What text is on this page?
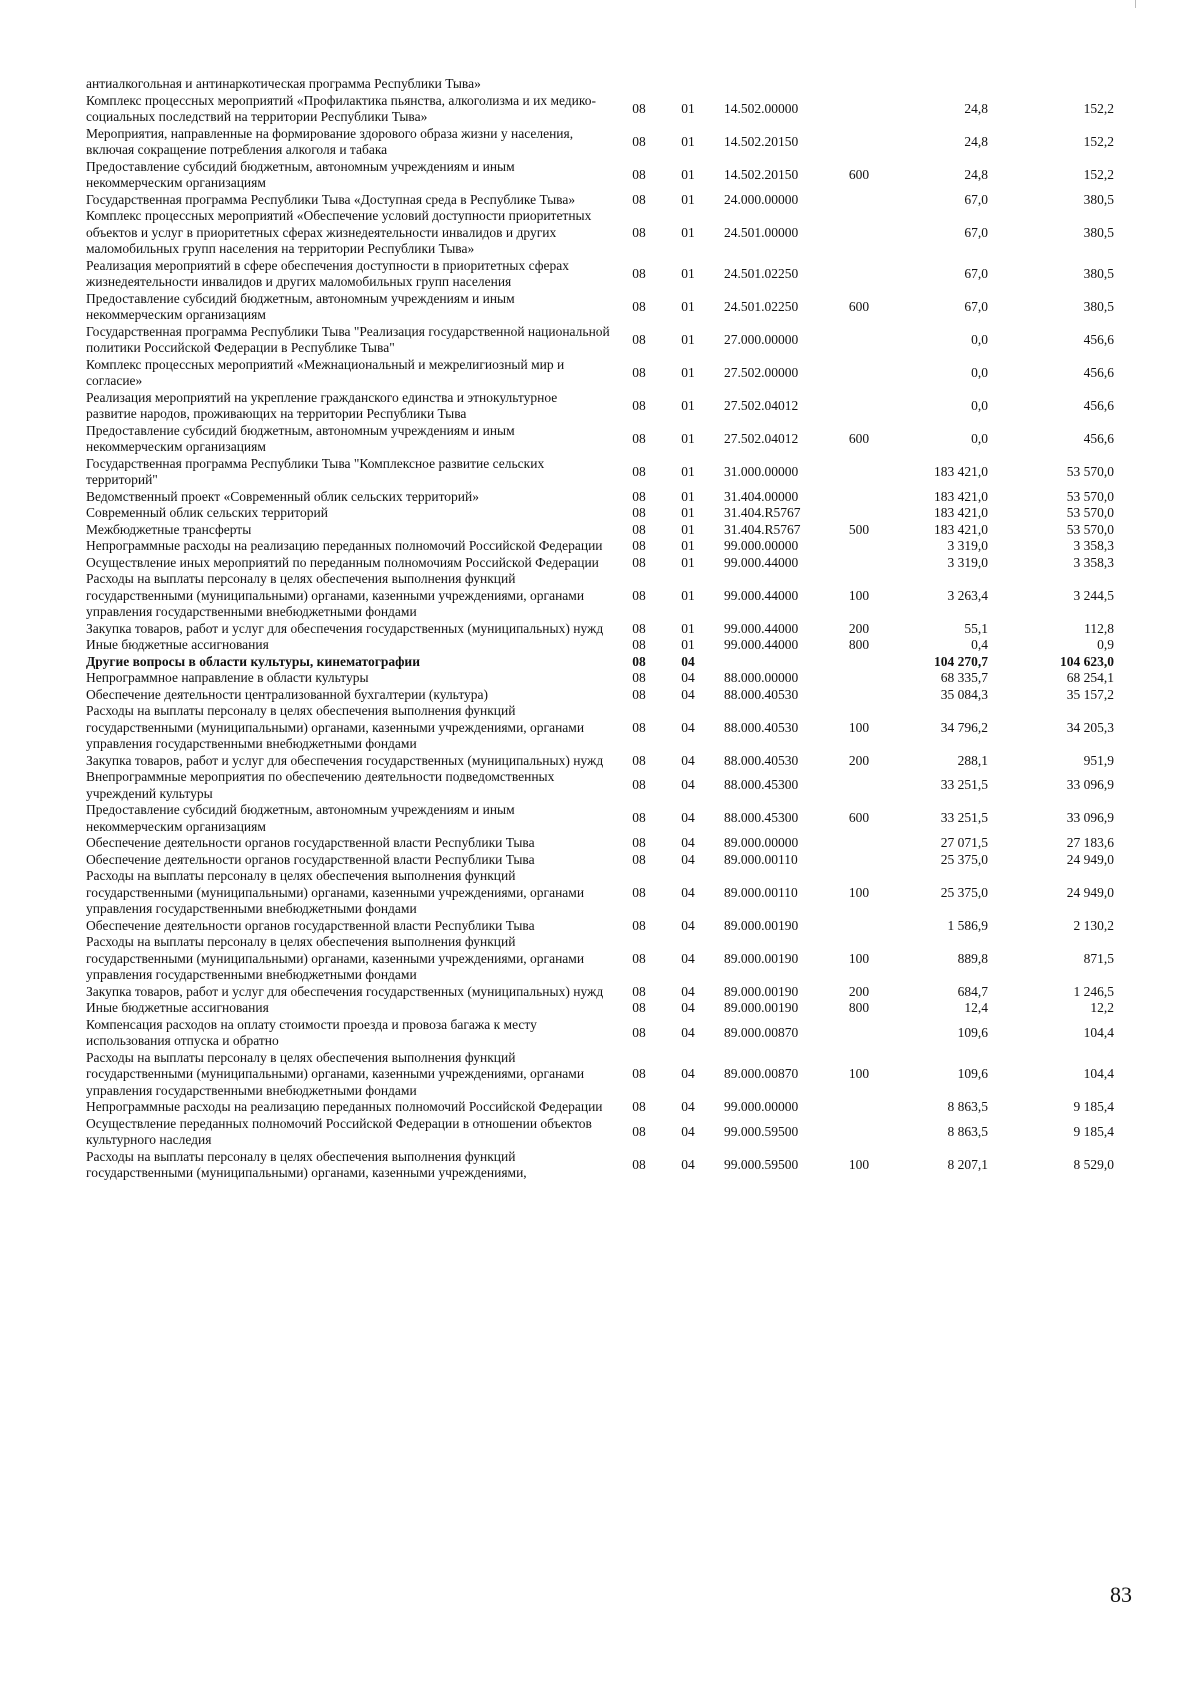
антиалкогольная и антинаркотическая программа Республики Тыва»						
Комплекс процессных мероприятий «Профилактика пьянства, алкоголизма и их медико-социальных последствий на территории Республики Тыва»	08	01	14.502.00000		24,8	152,2
Мероприятия, направленные на формирование здорового образа жизни у населения, включая сокращение потребления алкоголя и табака	08	01	14.502.20150		24,8	152,2
Предоставление субсидий бюджетным, автономным учреждениям и иным некоммерческим организациям	08	01	14.502.20150	600	24,8	152,2
Государственная программа Республики Тыва «Доступная среда в Республике Тыва»	08	01	24.000.00000		67,0	380,5
Комплекс процессных мероприятий «Обеспечение условий доступности приоритетных объектов и услуг в приоритетных сферах жизнедеятельности инвалидов и других маломобильных групп населения на территории Республики Тыва»	08	01	24.501.00000		67,0	380,5
Реализация мероприятий в сфере обеспечения доступности в приоритетных сферах жизнедеятельности инвалидов и других маломобильных групп населения	08	01	24.501.02250		67,0	380,5
Предоставление субсидий бюджетным, автономным учреждениям и иным некоммерческим организациям	08	01	24.501.02250	600	67,0	380,5
Государственная программа Республики Тыва "Реализация государственной национальной политики Российской Федерации в Республике Тыва"	08	01	27.000.00000		0,0	456,6
Комплекс процессных мероприятий «Межнациональный и межрелигиозный мир и согласие»	08	01	27.502.00000		0,0	456,6
Реализация мероприятий на укрепление гражданского единства и этнокультурное развитие народов, проживающих на территории Республики Тыва	08	01	27.502.04012		0,0	456,6
Предоставление субсидий бюджетным, автономным учреждениям и иным некоммерческим организациям	08	01	27.502.04012	600	0,0	456,6
Государственная программа Республики Тыва "Комплексное развитие сельских территорий"	08	01	31.000.00000		183 421,0	53 570,0
Ведомственный проект «Современный облик сельских территорий»	08	01	31.404.00000		183 421,0	53 570,0
Современный облик сельских территорий	08	01	31.404.R5767		183 421,0	53 570,0
Межбюджетные трансферты	08	01	31.404.R5767	500	183 421,0	53 570,0
Непрограммные расходы на реализацию переданных полномочий Российской Федерации	08	01	99.000.00000		3 319,0	3 358,3
Осуществление иных мероприятий по переданным полномочиям Российской Федерации	08	01	99.000.44000		3 319,0	3 358,3
Расходы на выплаты персоналу в целях обеспечения выполнения функций государственными (муниципальными) органами, казенными учреждениями, органами управления государственными внебюджетными фондами	08	01	99.000.44000	100	3 263,4	3 244,5
Закупка товаров, работ и услуг для обеспечения государственных (муниципальных) нужд	08	01	99.000.44000	200	55,1	112,8
Иные бюджетные ассигнования	08	01	99.000.44000	800	0,4	0,9
Другие вопросы в области культуры, кинематографии	08	04			104 270,7	104 623,0
Непрограммное направление в области культуры	08	04	88.000.00000		68 335,7	68 254,1
Обеспечение деятельности централизованной бухгалтерии (культура)	08	04	88.000.40530		35 084,3	35 157,2
Расходы на выплаты персоналу в целях обеспечения выполнения функций государственными (муниципальными) органами, казенными учреждениями, органами управления государственными внебюджетными фондами	08	04	88.000.40530	100	34 796,2	34 205,3
Закупка товаров, работ и услуг для обеспечения государственных (муниципальных) нужд	08	04	88.000.40530	200	288,1	951,9
Внепрограммные мероприятия по обеспечению деятельности подведомственных учреждений культуры	08	04	88.000.45300		33 251,5	33 096,9
Предоставление субсидий бюджетным, автономным учреждениям и иным некоммерческим организациям	08	04	88.000.45300	600	33 251,5	33 096,9
Обеспечение деятельности органов государственной власти Республики Тыва	08	04	89.000.00000		27 071,5	27 183,6
Обеспечение деятельности органов государственной власти Республики Тыва	08	04	89.000.00110		25 375,0	24 949,0
Расходы на выплаты персоналу в целях обеспечения выполнения функций государственными (муниципальными) органами, казенными учреждениями, органами управления государственными внебюджетными фондами	08	04	89.000.00110	100	25 375,0	24 949,0
Обеспечение деятельности органов государственной власти Республики Тыва	08	04	89.000.00190		1 586,9	2 130,2
Расходы на выплаты персоналу в целях обеспечения выполнения функций государственными (муниципальными) органами, казенными учреждениями, органами управления государственными внебюджетными фондами	08	04	89.000.00190	100	889,8	871,5
Закупка товаров, работ и услуг для обеспечения государственных (муниципальных) нужд	08	04	89.000.00190	200	684,7	1 246,5
Иные бюджетные ассигнования	08	04	89.000.00190	800	12,4	12,2
Компенсация расходов на оплату стоимости проезда и провоза багажа к месту использования отпуска и обратно	08	04	89.000.00870		109,6	104,4
Расходы на выплаты персоналу в целях обеспечения выполнения функций государственными (муниципальными) органами, казенными учреждениями, органами управления государственными внебюджетными фондами	08	04	89.000.00870	100	109,6	104,4
Непрограммные расходы на реализацию переданных полномочий Российской Федерации	08	04	99.000.00000		8 863,5	9 185,4
Осуществление переданных полномочий Российской Федерации в отношении объектов культурного наследия	08	04	99.000.59500		8 863,5	9 185,4
Расходы на выплаты персоналу в целях обеспечения выполнения функций государственными (муниципальными) органами, казенными учреждениями,	08	04	99.000.59500	100	8 207,1	8 529,0
83
